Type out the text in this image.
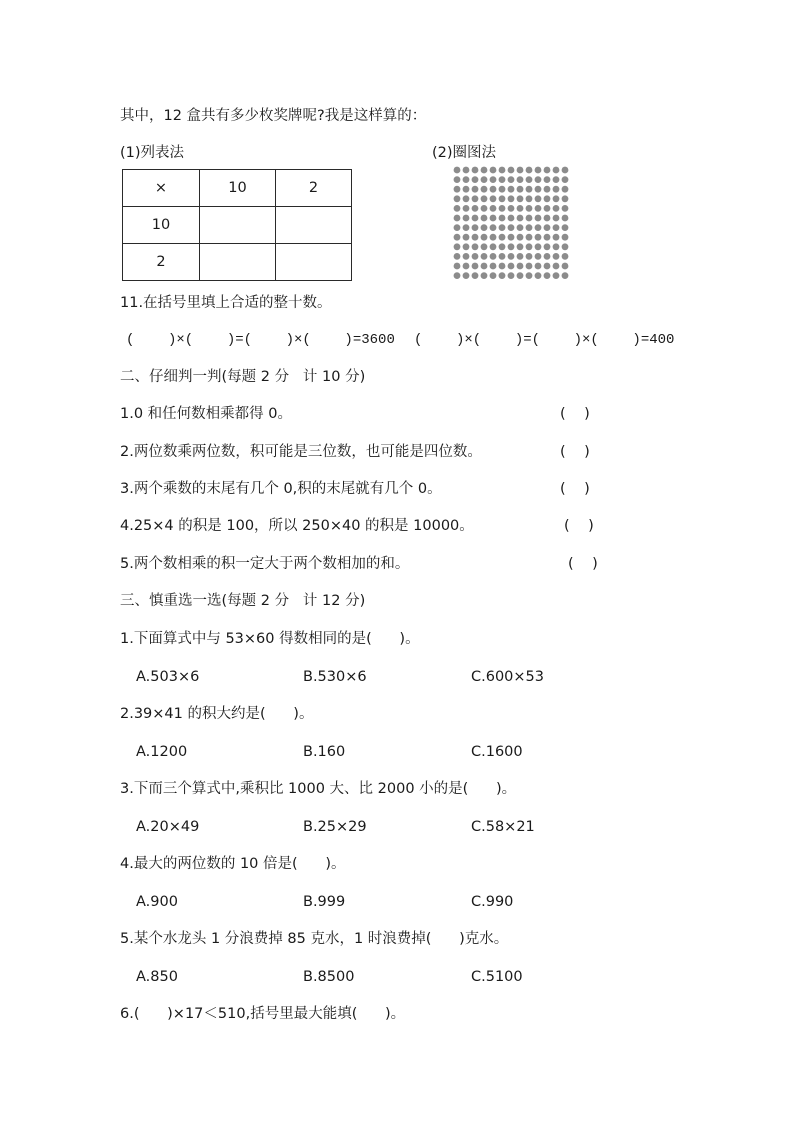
其中，12 盒共有多少枚奖牌呢?我是这样算的：
(1)列表法	(2)圈图法
×	10	2
10		
2		
11.在括号里填上合适的整十数。
(    )×(    )=(    )×(    )=3600 (    )×(    )=(    )×(    )=400
二、仔细判一判(每题 2 分   计 10 分)
1.0 和任何数相乘都得 0。	(    )
2.两位数乘两位数，积可能是三位数，也可能是四位数。	(    )
3.两个乘数的末尾有几个 0,积的末尾就有几个 0。	(    )
4.25×4 的积是 100，所以 250×40 的积是 10000。	(    )
5.两个数相乘的积一定大于两个数相加的和。	(    )
三、慎重选一选(每题 2 分   计 12 分)
1.下面算式中与 53×60 得数相同的是(      )。
A.503×6	B.530×6	C.600×53
2.39×41 的积大约是(      )。
A.1200	B.160	C.1600
3.下而三个算式中,乘积比 1000 大、比 2000 小的是(      )。
A.20×49	B.25×29	C.58×21
4.最大的两位数的 10 倍是(      )。
A.900	B.999	C.990
5.某个水龙头 1 分浪费掉 85 克水，1 时浪费掉(      )克水。
A.850	B.8500	C.5100
6.(      )×17＜510,括号里最大能填(      )。
